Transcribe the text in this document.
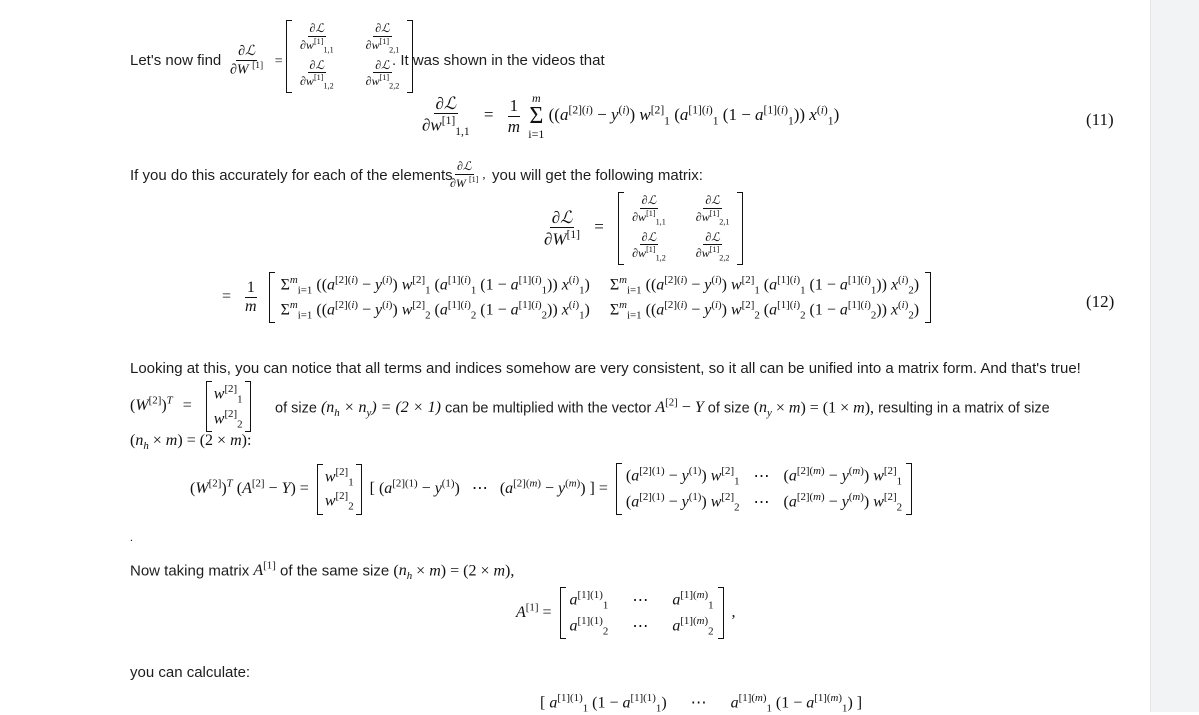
Let's now find $\frac{\text{∂ℒ}}{\partial W ^{[1]}}$ =
$\frac{\text{∂ℒ}}{\partial w^{[1]}_{1,1}} \frac{\text{∂ℒ}}{\partial w^{[1]}_{2,1}}$
$\frac{\text{∂ℒ}}{\partial w^{[1]}_{1,2}} \frac{\text{∂ℒ}}{\partial w^{[1]}_{2,2}}$
. It was shown in the videos that
$\frac{\text{∂ℒ}}{\partial w^{[1]}_{1,1}} = \frac{1}{m}$
m
Σ
i=1
($(a^{[2](i)} - y^{(i)})$ $w[2]_1$ ($a^{[1](i)}_1$ $(1 - a^{[1](i)}_1)$) $x^{(i)}_1$)	(11)
If you do this accurately for each of the elements
$\frac{\text{∂ℒ}}{\partial W ^{[1]}}$ , you will get the following matrix:
$\frac{\text{∂ℒ}}{\partial W^{[1]}}$ =
$\frac{\text{∂ℒ}}{\partial w^{[1]}_{1,1}} \frac{\text{∂ℒ}}{\partial w^{[1]}_{2,1}}$
$\frac{\text{∂ℒ}}{\partial w^{[1]}_{1,2}} \frac{\text{∂ℒ}}{\partial w^{[1]}_{2,2}}$
= $\frac{1}{m}$
$\Sigma^m_{i=1}$ ($(a^{[2](i)} - y^{(i)})$ $w[2]_1$ ($a^{[1](i)}_1$ $(1 - a^{[1](i)}_1)$) $x^{(i)}_1$) $\Sigma^m_{i=1}$ ($(a^{[2](i)} - y^{(i)})$ $w[2]_1$ ($a^{[1](i)}_1$ $(1 - a^{[1](i)}_1)$) $x^{(i)}_2$)
$\Sigma^m_{i=1}$ ($(a^{[2](i)} - y^{(i)})$ $w[2]_2$ ($a^{[1](i)}_2$ $(1 - a^{[1](i)}_2)$) $x^{(i)}_1$) $\Sigma^m_{i=1}$ ($(a^{[2](i)} - y^{(i)})$ $w[2]_2$ ($a^{[1](i)}_2$ $(1 - a^{[1](i)}_2)$) $x^{(i)}_2$)	(12)
Looking at this, you can notice that all terms and indices somehow are very consistent, so it all can be unified into a matrix form. And that's true!
$(W[2])^T$ =
$w[2]_1$
$w[2]_2$
of size $(n_h \times n_y) = (2 \times 1)$ can be multiplied with the vector A[2] − Y of size $(n_y \times m) = (1 \times m)$, resulting in a matrix of size
$(n_h \times m) = (2 \times m)$:
$(W[2])^T$ (A[2] − Y) =
$w[2]_1$
$w[2]_2$
[ $(a^{[2](1)} - y^{(1)})$   ⋯   $(a^{[2](m)} - y^{(m)})$ ] =
$(a^{[2](1)} - y^{(1)})$ $w[2]_1$ ⋯ $(a^{[2](m)} - y^{(m)})$ $w[2]_1$
$(a^{[2](1)} - y^{(1)})$ $w[2]_2$ ⋯ $(a^{[2](m)} - y^{(m)})$ $w[2]_2$
.
Now taking matrix A[1] of the same size $(n_h \times m) = (2 \times m)$,
A[1] =
$a^{[1](1)}_1$ ⋯ $a^{[1](m)}_1$
$a^{[1](1)}_2$ ⋯ $a^{[1](m)}_2$
,
you can calculate:
[ $a^{[1](1)}_1$ $(1 - a^{[1](1)}_1)$      ⋯      $a^{[1](m)}_1$ $(1 - a^{[1](m)}_1)$ ]
